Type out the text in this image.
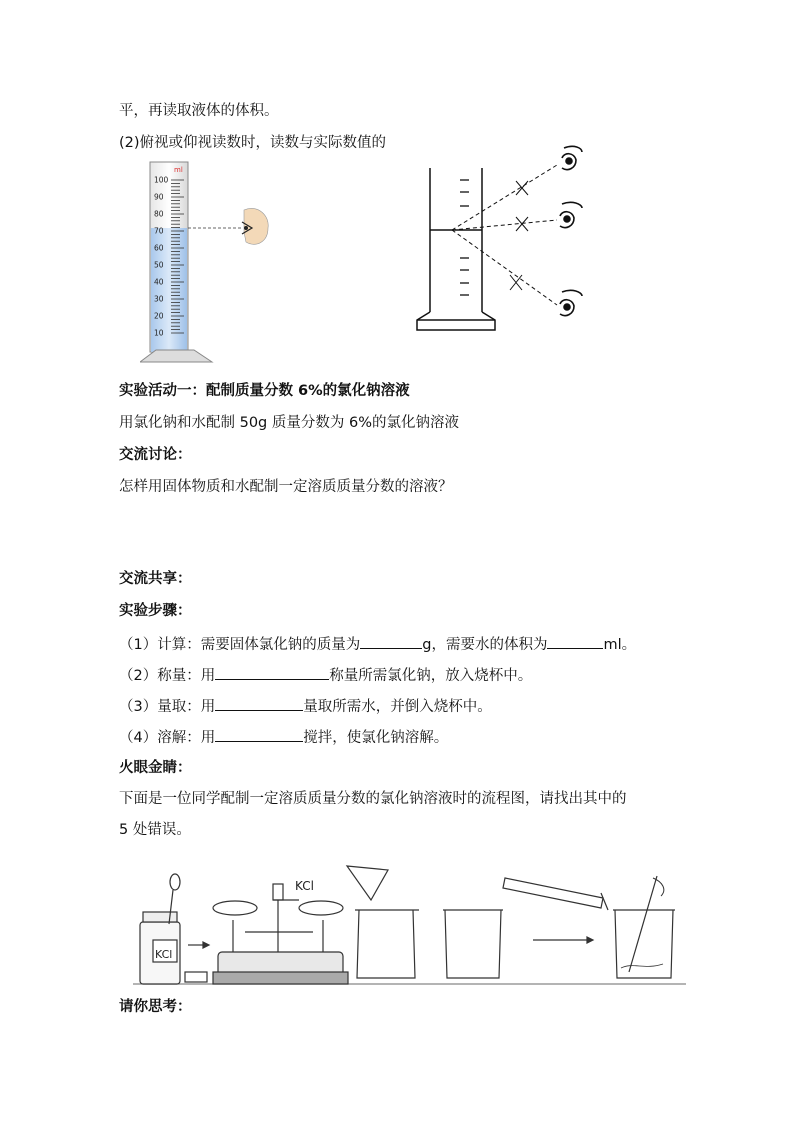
平，再读取液体的体积。
(2)俯视或仰视读数时，读数与实际数值的
ml
100
90
80
70
60
50
40
30
20
10
实验活动一：配制质量分数 6%的氯化钠溶液
用氯化钠和水配制 50g 质量分数为 6%的氯化钠溶液
交流讨论：
怎样用固体物质和水配制一定溶质质量分数的溶液？
交流共享：
实验步骤：
（1）计算：需要固体氯化钠的质量为	g，需要水的体积为	ml。
（2）称量：用	称量所需氯化钠，放入烧杯中。
（3）量取：用	量取所需水，并倒入烧杯中。
（4）溶解：用	搅拌，使氯化钠溶解。
火眼金睛：
下面是一位同学配制一定溶质质量分数的氯化钠溶液时的流程图，请找出其中的
5 处错误。
KCl
KCl
请你思考：
